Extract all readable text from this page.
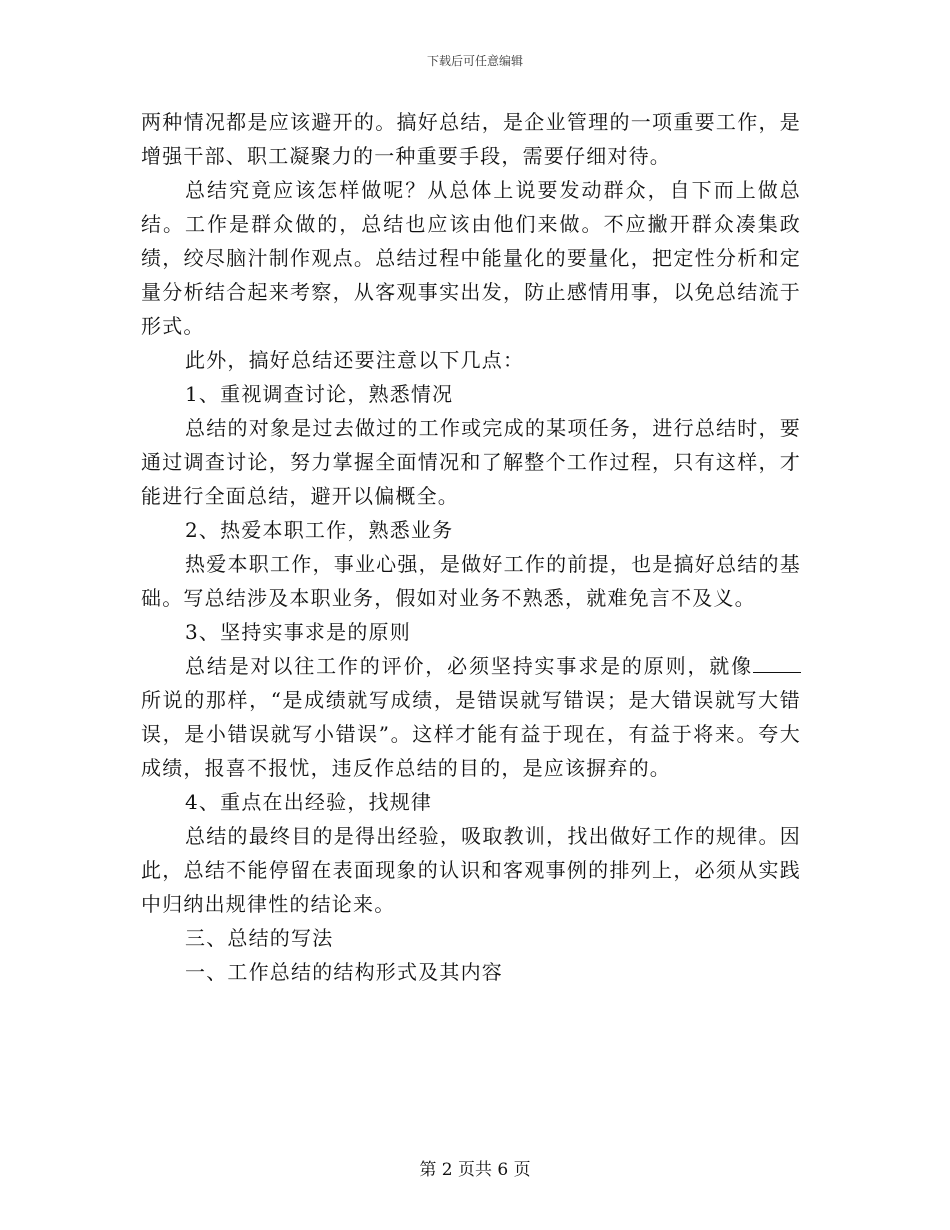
下载后可任意编辑

两种情况都是应该避开的。搞好总结，是企业管理的一项重要工作，是增强干部、职工凝聚力的一种重要手段，需要仔细对待。

总结究竟应该怎样做呢？从总体上说要发动群众，自下而上做总结。工作是群众做的，总结也应该由他们来做。不应撇开群众凑集政绩，绞尽脑汁制作观点。总结过程中能量化的要量化，把定性分析和定量分析结合起来考察，从客观事实出发，防止感情用事，以免总结流于形式。

此外，搞好总结还要注意以下几点：

1、重视调查讨论，熟悉情况

总结的对象是过去做过的工作或完成的某项任务，进行总结时，要通过调查讨论，努力掌握全面情况和了解整个工作过程，只有这样，才能进行全面总结，避开以偏概全。

2、热爱本职工作，熟悉业务

热爱本职工作，事业心强，是做好工作的前提，也是搞好总结的基础。写总结涉及本职业务，假如对业务不熟悉，就难免言不及义。

3、坚持实事求是的原则

总结是对以往工作的评价，必须坚持实事求是的原则，就像所说的那样，“是成绩就写成绩，是错误就写错误；是大错误就写大错误，是小错误就写小错误”。这样才能有益于现在，有益于将来。夸大成绩，报喜不报忧，违反作总结的目的，是应该摒弃的。

4、重点在出经验，找规律

总结的最终目的是得出经验，吸取教训，找出做好工作的规律。因此，总结不能停留在表面现象的认识和客观事例的排列上，必须从实践中归纳出规律性的结论来。

三、总结的写法

一、工作总结的结构形式及其内容

第 2 页共 6 页
